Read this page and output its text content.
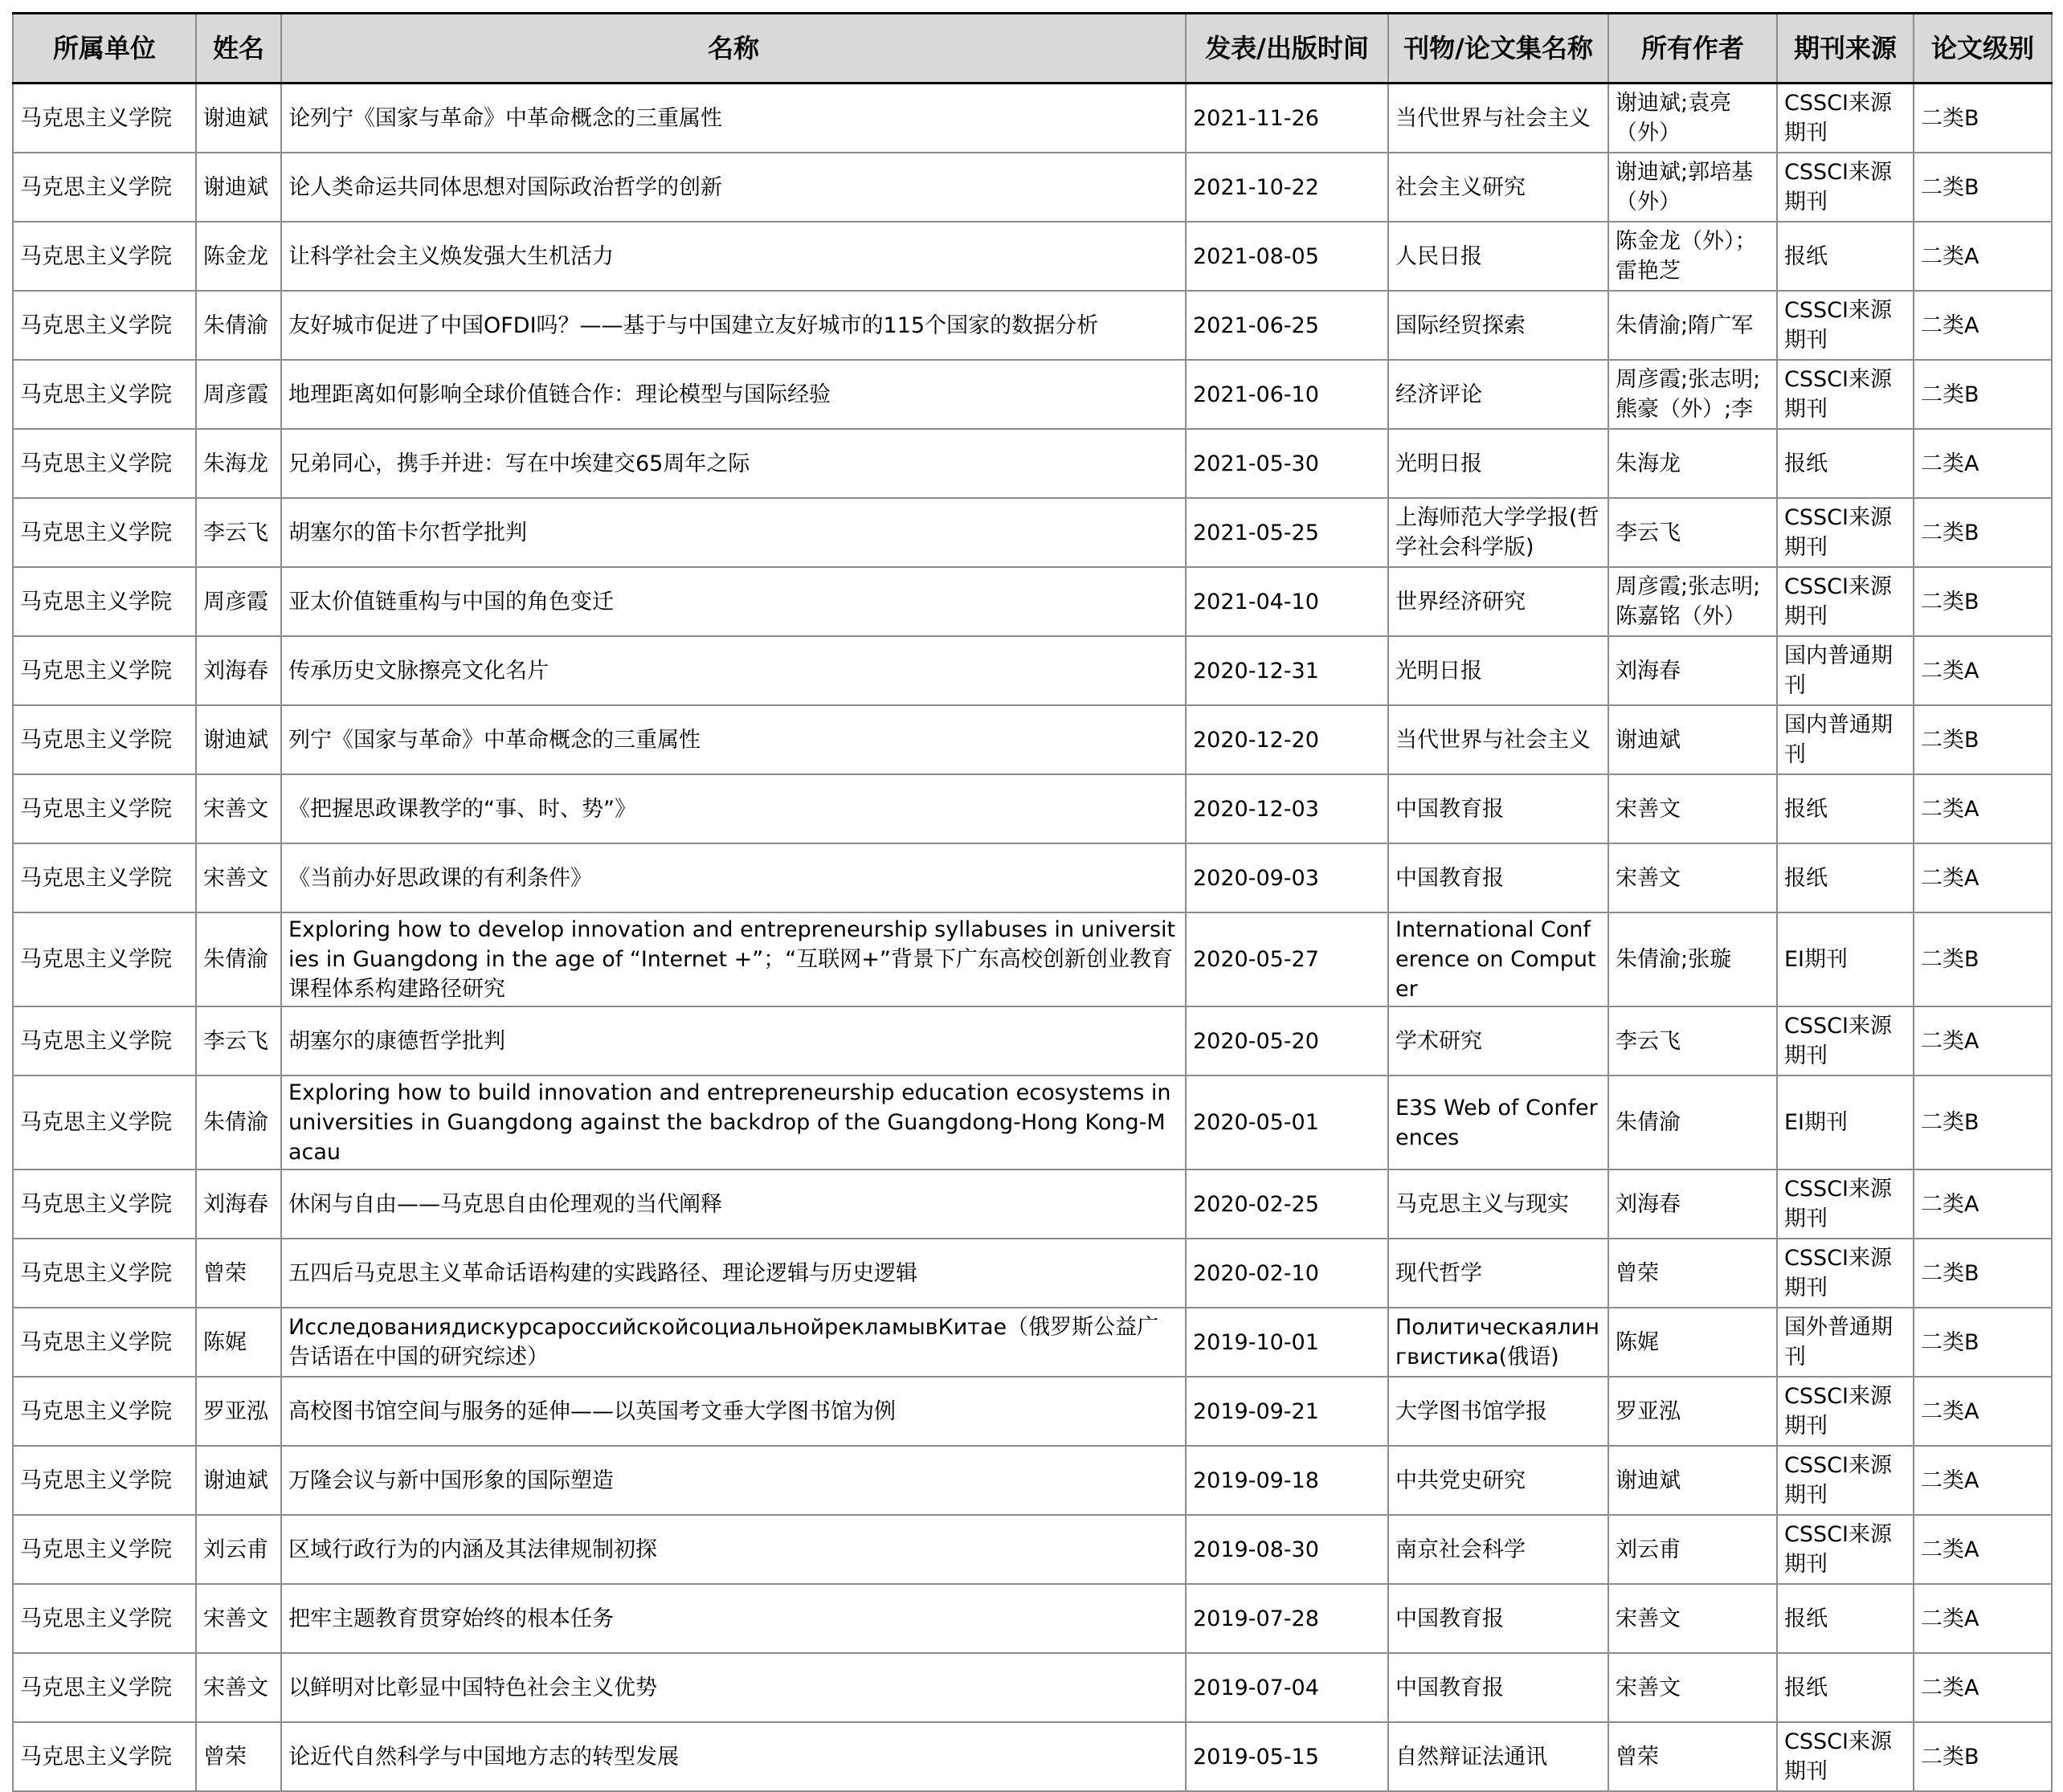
所属单位	姓名	名称	发表/出版时间	刊物/论文集名称	所有作者	期刊来源	论文级别

马克思主义学院	谢迪斌	论列宁《国家与革命》中革命概念的三重属性	2021-11-26	当代世界与社会主义	谢迪斌;袁亮（外）	CSSCI来源期刊	二类B

马克思主义学院	谢迪斌	论人类命运共同体思想对国际政治哲学的创新	2021-10-22	社会主义研究	谢迪斌;郭培基（外）	CSSCI来源期刊	二类B

马克思主义学院	陈金龙	让科学社会主义焕发强大生机活力	2021-08-05	人民日报	陈金龙（外）；雷艳芝	报纸	二类A

马克思主义学院	朱倩渝	友好城市促进了中国OFDI吗？——基于与中国建立友好城市的115个国家的数据分析	2021-06-25	国际经贸探索	朱倩渝;隋广军	CSSCI来源期刊	二类A

马克思主义学院	周彦霞	地理距离如何影响全球价值链合作：理论模型与国际经验	2021-06-10	经济评论	周彦霞;张志明;熊豪（外）;李	CSSCI来源期刊	二类B

马克思主义学院	朱海龙	兄弟同心，携手并进：写在中埃建交65周年之际	2021-05-30	光明日报	朱海龙	报纸	二类A

马克思主义学院	李云飞	胡塞尔的笛卡尔哲学批判	2021-05-25	上海师范大学学报(哲学社会科学版)	李云飞	CSSCI来源期刊	二类B

马克思主义学院	周彦霞	亚太价值链重构与中国的角色变迁	2021-04-10	世界经济研究	周彦霞;张志明;陈嘉铭（外）	CSSCI来源期刊	二类B

马克思主义学院	刘海春	传承历史文脉擦亮文化名片	2020-12-31	光明日报	刘海春	国内普通期刊	二类A

马克思主义学院	谢迪斌	列宁《国家与革命》中革命概念的三重属性	2020-12-20	当代世界与社会主义	谢迪斌	国内普通期刊	二类B

马克思主义学院	宋善文	《把握思政课教学的“事、时、势”》	2020-12-03	中国教育报	宋善文	报纸	二类A

马克思主义学院	宋善文	《当前办好思政课的有利条件》	2020-09-03	中国教育报	宋善文	报纸	二类A

马克思主义学院	朱倩渝	Exploring how to develop innovation and entrepreneurship syllabuses in universities in Guangdong in the age of “Internet +”；“互联网+”背景下广东高校创新创业教育课程体系构建路径研究	2020-05-27	International Conference on Computer	朱倩渝;张璇	EI期刊	二类B

马克思主义学院	李云飞	胡塞尔的康德哲学批判	2020-05-20	学术研究	李云飞	CSSCI来源期刊	二类A

马克思主义学院	朱倩渝	Exploring how to build innovation and entrepreneurship education ecosystems in universities in Guangdong against the backdrop of the Guangdong-Hong Kong-Macau	2020-05-01	E3S Web of Conferences	朱倩渝	EI期刊	二类B

马克思主义学院	刘海春	休闲与自由——马克思自由伦理观的当代阐释	2020-02-25	马克思主义与现实	刘海春	CSSCI来源期刊	二类A

马克思主义学院	曾荣	五四后马克思主义革命话语构建的实践路径、理论逻辑与历史逻辑	2020-02-10	现代哲学	曾荣	CSSCI来源期刊	二类B

马克思主义学院	陈娓	ИсследованиядискурсароссийскойсоциальнойрекламывКитае（俄罗斯公益广告话语在中国的研究综述）	2019-10-01	Политическаялингвистика(俄语)	陈娓	国外普通期刊	二类B

马克思主义学院	罗亚泓	高校图书馆空间与服务的延伸——以英国考文垂大学图书馆为例	2019-09-21	大学图书馆学报	罗亚泓	CSSCI来源期刊	二类A

马克思主义学院	谢迪斌	万隆会议与新中国形象的国际塑造	2019-09-18	中共党史研究	谢迪斌	CSSCI来源期刊	二类A

马克思主义学院	刘云甫	区域行政行为的内涵及其法律规制初探	2019-08-30	南京社会科学	刘云甫	CSSCI来源期刊	二类A

马克思主义学院	宋善文	把牢主题教育贯穿始终的根本任务	2019-07-28	中国教育报	宋善文	报纸	二类A

马克思主义学院	宋善文	以鲜明对比彰显中国特色社会主义优势	2019-07-04	中国教育报	宋善文	报纸	二类A

马克思主义学院	曾荣	论近代自然科学与中国地方志的转型发展	2019-05-15	自然辩证法通讯	曾荣	CSSCI来源期刊	二类B
